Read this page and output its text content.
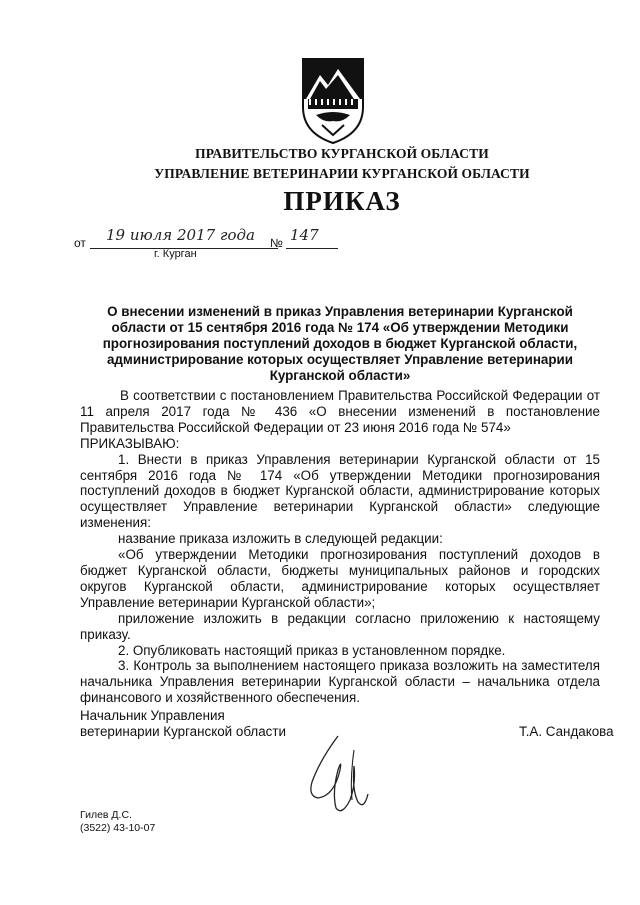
ПРАВИТЕЛЬСТВО КУРГАНСКОЙ ОБЛАСТИ
УПРАВЛЕНИЕ ВЕТЕРИНАРИИ КУРГАНСКОЙ ОБЛАСТИ
ПРИКАЗ
от 19 июля 2017 года № 147
г. Курган
О внесении изменений в приказ Управления ветеринарии Курганской области от 15 сентября 2016 года № 174 «Об утверждении Методики прогнозирования поступлений доходов в бюджет Курганской области, администрирование которых осуществляет Управление ветеринарии Курганской области»

В соответствии с постановлением Правительства Российской Федерации от 11 апреля 2017 года № 436 «О внесении изменений в постановление Правительства Российской Федерации от 23 июня 2016 года № 574»

ПРИКАЗЫВАЮ:

1. Внести в приказ Управления ветеринарии Курганской области от 15 сентября 2016 года № 174 «Об утверждении Методики прогнозирования поступлений доходов в бюджет Курганской области, администрирование которых осуществляет Управление ветеринарии Курганской области» следующие изменения:

название приказа изложить в следующей редакции:

«Об утверждении Методики прогнозирования поступлений доходов в бюджет Курганской области, бюджеты муниципальных районов и городских округов Курганской области, администрирование которых осуществляет Управление ветеринарии Курганской области»;

приложение изложить в редакции согласно приложению к настоящему приказу.

2. Опубликовать настоящий приказ в установленном порядке.

3. Контроль за выполнением настоящего приказа возложить на заместителя начальника Управления ветеринарии Курганской области – начальника отдела финансового и хозяйственного обеспечения.

Начальник Управления
ветеринарии Курганской области	Т.А. Сандакова
Гилев Д.С.
(3522) 43-10-07
